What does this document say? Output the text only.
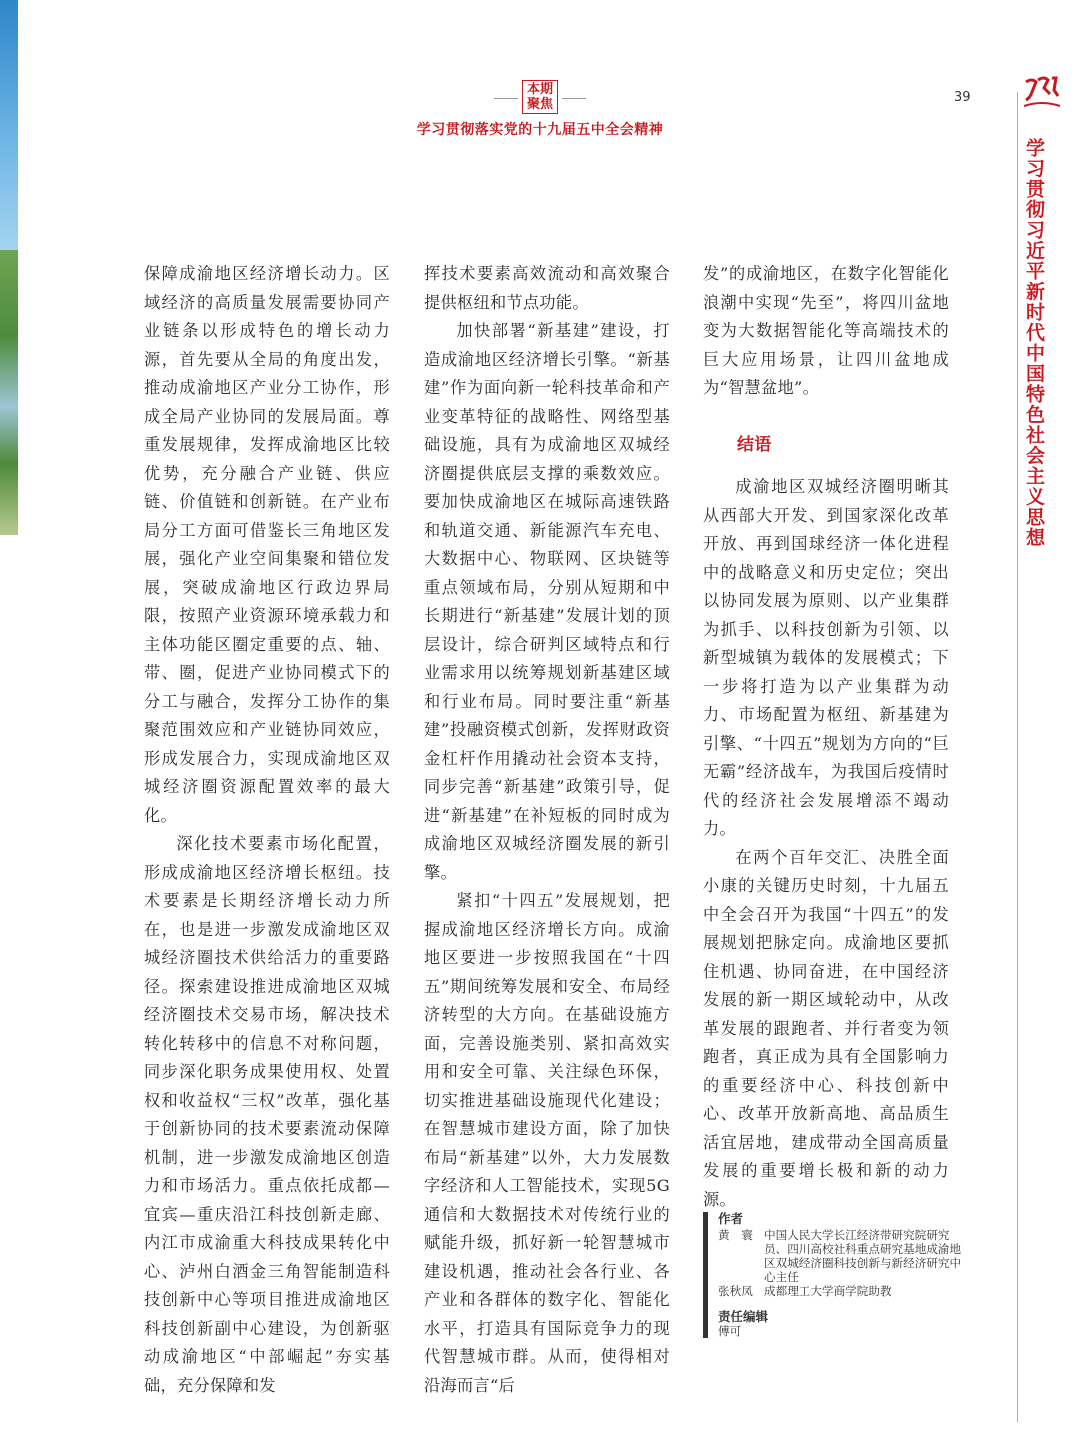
本期
聚焦
学习贯彻落实党的十九届五中全会精神
39
学习贯彻习近平新时代中国特色社会主义思想

保障成渝地区经济增长动力。区域经济的高质量发展需要协同产业链条以形成特色的增长动力源，首先要从全局的角度出发，推动成渝地区产业分工协作，形成全局产业协同的发展局面。尊重发展规律，发挥成渝地区比较优势，充分融合产业链、供应链、价值链和创新链。在产业布局分工方面可借鉴长三角地区发展，强化产业空间集聚和错位发展，突破成渝地区行政边界局限，按照产业资源环境承载力和主体功能区圈定重要的点、轴、带、圈，促进产业协同模式下的分工与融合，发挥分工协作的集聚范围效应和产业链协同效应，形成发展合力，实现成渝地区双城经济圈资源配置效率的最大化。

深化技术要素市场化配置，形成成渝地区经济增长枢纽。技术要素是长期经济增长动力所在，也是进一步激发成渝地区双城经济圈技术供给活力的重要路径。探索建设推进成渝地区双城经济圈技术交易市场，解决技术转化转移中的信息不对称问题，同步深化职务成果使用权、处置权和收益权“三权”改革，强化基于创新协同的技术要素流动保障机制，进一步激发成渝地区创造力和市场活力。重点依托成都—宜宾—重庆沿江科技创新走廊、内江市成渝重大科技成果转化中心、泸州白酒金三角智能制造科技创新中心等项目推进成渝地区科技创新副中心建设，为创新驱动成渝地区“中部崛起”夯实基础，充分保障和发

挥技术要素高效流动和高效聚合提供枢纽和节点功能。

加快部署“新基建”建设，打造成渝地区经济增长引擎。“新基建”作为面向新一轮科技革命和产业变革特征的战略性、网络型基础设施，具有为成渝地区双城经济圈提供底层支撑的乘数效应。要加快成渝地区在城际高速铁路和轨道交通、新能源汽车充电、大数据中心、物联网、区块链等重点领域布局，分别从短期和中长期进行“新基建”发展计划的顶层设计，综合研判区域特点和行业需求用以统筹规划新基建区域和行业布局。同时要注重“新基建”投融资模式创新，发挥财政资金杠杆作用撬动社会资本支持，同步完善“新基建”政策引导，促进“新基建”在补短板的同时成为成渝地区双城经济圈发展的新引擎。

紧扣“十四五”发展规划，把握成渝地区经济增长方向。成渝地区要进一步按照我国在“十四五”期间统筹发展和安全、布局经济转型的大方向。在基础设施方面，完善设施类别、紧扣高效实用和安全可靠、关注绿色环保，切实推进基础设施现代化建设；在智慧城市建设方面，除了加快布局“新基建”以外，大力发展数字经济和人工智能技术，实现5G通信和大数据技术对传统行业的赋能升级，抓好新一轮智慧城市建设机遇，推动社会各行业、各产业和各群体的数字化、智能化水平，打造具有国际竞争力的现代智慧城市群。从而，使得相对沿海而言“后

发”的成渝地区，在数字化智能化浪潮中实现“先至”，将四川盆地变为大数据智能化等高端技术的巨大应用场景，让四川盆地成为“智慧盆地”。

结语

成渝地区双城经济圈明晰其从西部大开发、到国家深化改革开放、再到国球经济一体化进程中的战略意义和历史定位；突出以协同发展为原则、以产业集群为抓手、以科技创新为引领、以新型城镇为载体的发展模式；下一步将打造为以产业集群为动力、市场配置为枢纽、新基建为引擎、“十四五”规划为方向的“巨无霸”经济战车，为我国后疫情时代的经济社会发展增添不竭动力。

在两个百年交汇、决胜全面小康的关键历史时刻，十九届五中全会召开为我国“十四五”的发展规划把脉定向。成渝地区要抓住机遇、协同奋进，在中国经济发展的新一期区域轮动中，从改革发展的跟跑者、并行者变为领跑者，真正成为具有全国影响力的重要经济中心、科技创新中心、改革开放新高地、高品质生活宜居地，建成带动全国高质量发展的重要增长极和新的动力源。

作者
黄　寰 中国人民大学长江经济带研究院研究员、四川高校社科重点研究基地成渝地区双城经济圈科技创新与新经济研究中心主任
张秋凤 成都理工大学商学院助教
责任编辑
傅可
